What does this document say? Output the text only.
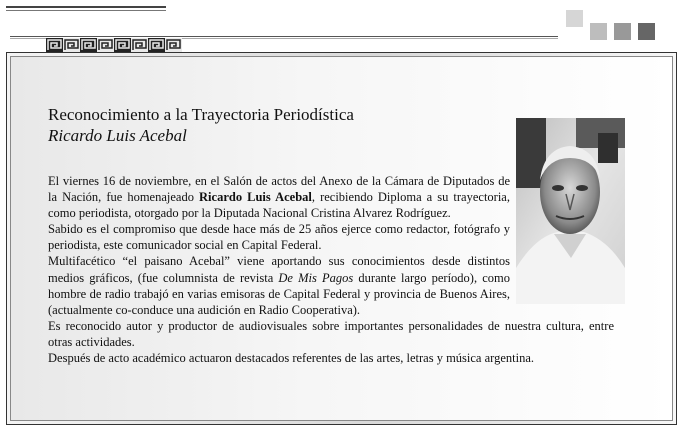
Reconocimiento a la Trayectoria Periodística
Ricardo Luis Acebal

El viernes 16 de noviembre, en el Salón de actos del Anexo de la Cámara de Diputados de la Nación, fue homenajeado Ricardo Luis Acebal, recibiendo Diploma a su trayectoria, como periodista, otorgado por la Diputada Nacional Cristina Alvarez Rodríguez.

Sabido es el compromiso que desde hace más de 25 años ejerce como redactor, fotógrafo y periodista, este comunicador social en Capital Federal.

Multifacético “el paisano Acebal” viene aportando sus conocimientos desde distintos medios gráficos, (fue columnista de revista De Mis Pagos durante largo período), como hombre de radio trabajó en varias emisoras de Capital Federal y provincia de Buenos Aires, (actualmente co-conduce una audición en Radio Cooperativa).

Es reconocido autor y productor de audiovisuales sobre importantes personalidades de nuestra cultura, entre otras actividades.

Después de acto académico actuaron destacados referentes de las artes, letras y música argentina.
